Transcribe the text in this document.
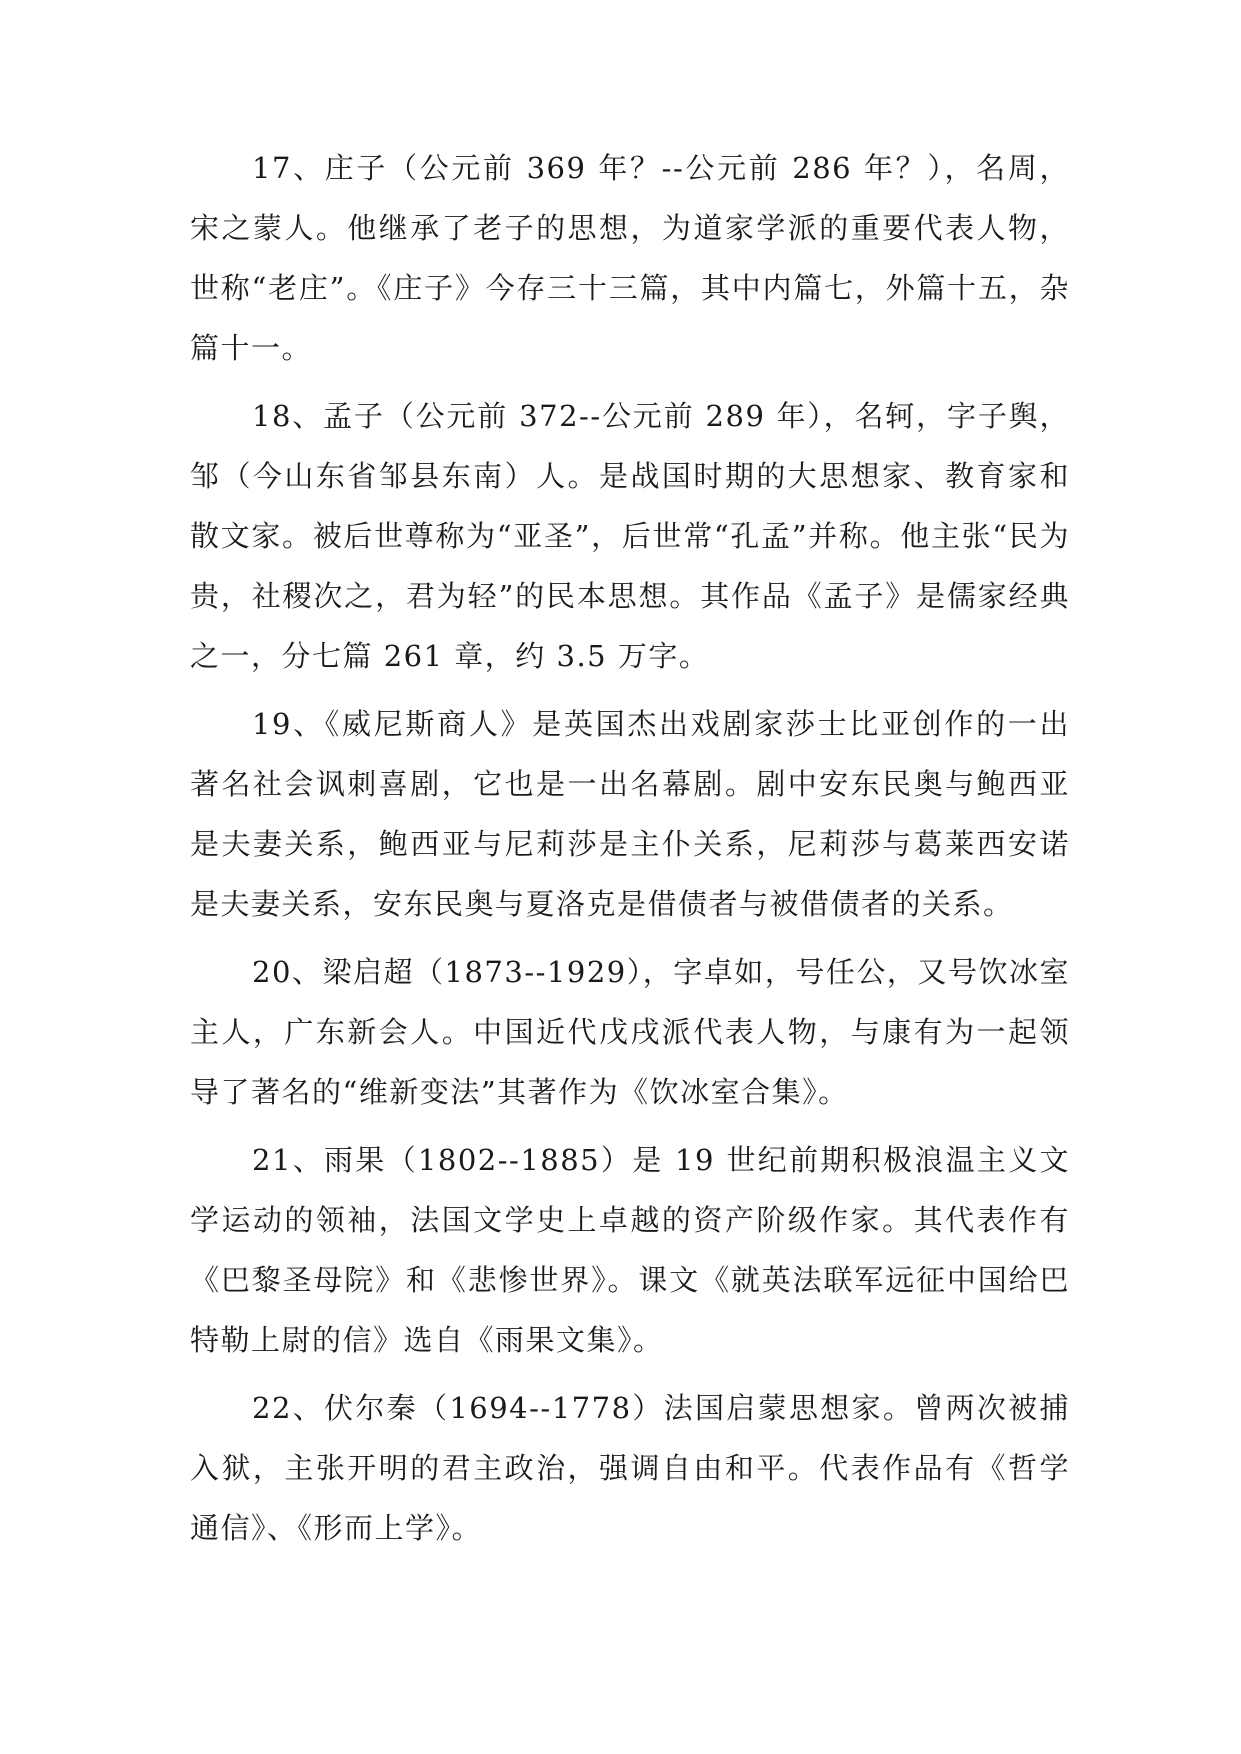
17、庄子（公元前 369 年？--公元前 286 年？），名周，宋之蒙人。他继承了老子的思想，为道家学派的重要代表人物，世称“老庄”。《庄子》今存三十三篇，其中内篇七，外篇十五，杂篇十一。

18、孟子（公元前 372--公元前 289 年），名轲，字子舆，邹（今山东省邹县东南）人。是战国时期的大思想家、教育家和散文家。被后世尊称为“亚圣”，后世常“孔孟”并称。他主张“民为贵，社稷次之，君为轻”的民本思想。其作品《孟子》是儒家经典之一，分七篇 261 章，约 3.5 万字。

19、《威尼斯商人》是英国杰出戏剧家莎士比亚创作的一出著名社会讽刺喜剧，它也是一出名幕剧。剧中安东民奥与鲍西亚是夫妻关系，鲍西亚与尼莉莎是主仆关系，尼莉莎与葛莱西安诺是夫妻关系，安东民奥与夏洛克是借债者与被借债者的关系。

20、梁启超（1873--1929），字卓如，号任公，又号饮冰室主人，广东新会人。中国近代戊戌派代表人物，与康有为一起领导了著名的“维新变法”其著作为《饮冰室合集》。

21、雨果（1802--1885）是 19 世纪前期积极浪温主义文学运动的领袖，法国文学史上卓越的资产阶级作家。其代表作有《巴黎圣母院》和《悲惨世界》。课文《就英法联军远征中国给巴特勒上尉的信》选自《雨果文集》。

22、伏尔秦（1694--1778）法国启蒙思想家。曾两次被捕入狱，主张开明的君主政治，强调自由和平。代表作品有《哲学通信》、《形而上学》。
